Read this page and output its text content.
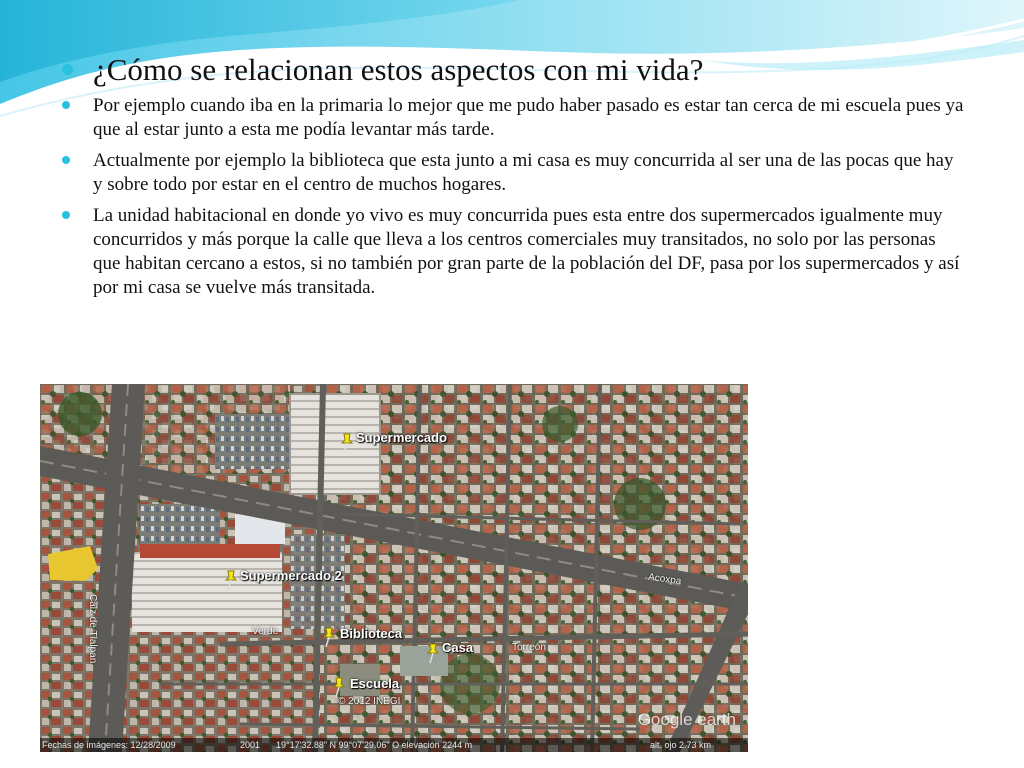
¿Cómo se relacionan estos aspectos con mi vida?
Por ejemplo cuando iba en la primaria lo mejor que me pudo haber pasado es estar tan cerca de mi escuela pues ya que al estar junto a esta me podía levantar más tarde.
Actualmente por ejemplo la biblioteca que esta junto a mi casa es muy concurrida al ser una de las pocas que hay y sobre todo por estar en el centro de muchos hogares.
La unidad habitacional en donde yo vivo es muy concurrida pues esta entre dos supermercados igualmente muy concurridos y más porque la calle que lleva a los centros comerciales muy transitados, no solo por las personas que habitan cercano a estos, si no también por gran parte de la población del DF, pasa por los supermercados y así por mi casa se vuelve más transitada.
Supermercado
Supermercado 2
Biblioteca
Casa
Escuela
Calz de Tlalpan	Torreón
Acoxpa
Verde
© 2012 INEGI
Google earth
Fechas de imágenes: 12/28/2009	2001 19°17'32.88" N 99°07'29.06" O elevación 2244 m	alt. ojo 2.73 km
